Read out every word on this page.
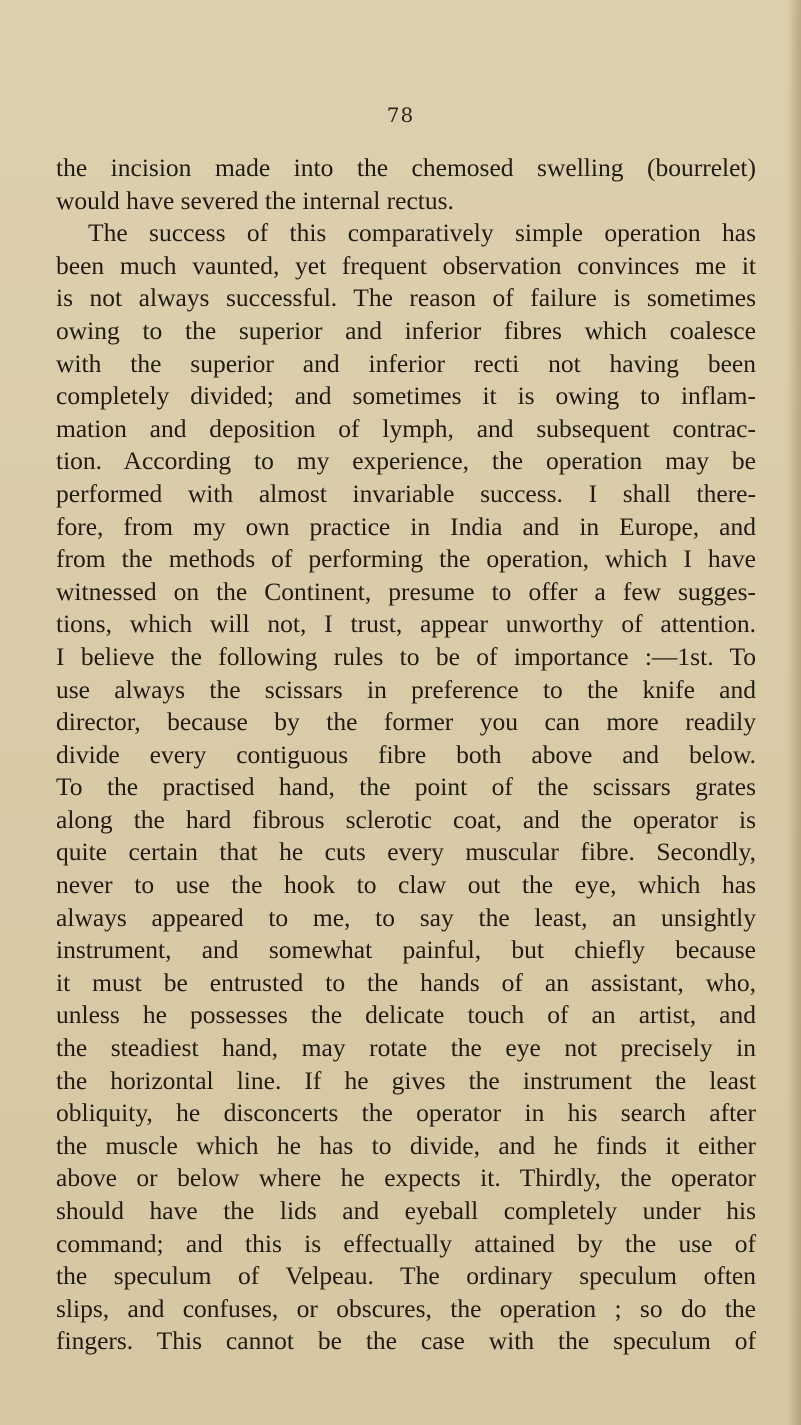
78
the incision made into the chemosed swelling (bourrelet)
would have severed the internal rectus.
The success of this comparatively simple operation has
been much vaunted, yet frequent observation convinces me it
is not always successful. The reason of failure is sometimes
owing to the superior and inferior fibres which coalesce
with the superior and inferior recti not having been
completely divided; and sometimes it is owing to inflam-
mation and deposition of lymph, and subsequent contrac-
tion. According to my experience, the operation may be
performed with almost invariable success. I shall there-
fore, from my own practice in India and in Europe, and
from the methods of performing the operation, which I have
witnessed on the Continent, presume to offer a few sugges-
tions, which will not, I trust, appear unworthy of attention.
I believe the following rules to be of importance :—1st. To
use always the scissars in preference to the knife and
director, because by the former you can more readily
divide every contiguous fibre both above and below.
To the practised hand, the point of the scissars grates
along the hard fibrous sclerotic coat, and the operator is
quite certain that he cuts every muscular fibre. Secondly,
never to use the hook to claw out the eye, which has
always appeared to me, to say the least, an unsightly
instrument, and somewhat painful, but chiefly because
it must be entrusted to the hands of an assistant, who,
unless he possesses the delicate touch of an artist, and
the steadiest hand, may rotate the eye not precisely in
the horizontal line. If he gives the instrument the least
obliquity, he disconcerts the operator in his search after
the muscle which he has to divide, and he finds it either
above or below where he expects it. Thirdly, the operator
should have the lids and eyeball completely under his
command; and this is effectually attained by the use of
the speculum of Velpeau. The ordinary speculum often
slips, and confuses, or obscures, the operation ; so do the
fingers. This cannot be the case with the speculum of
